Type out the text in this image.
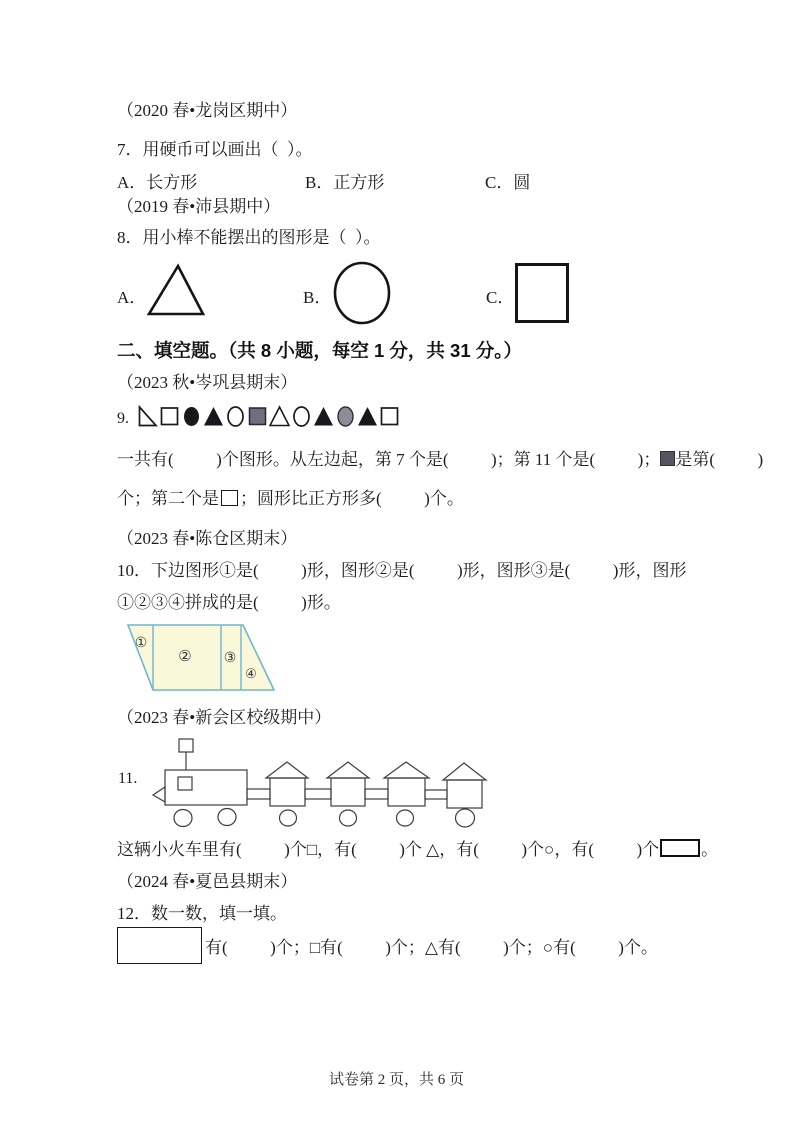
（2020 春•龙岗区期中）
7．用硬币可以画出（  ）。
A．长方形	B．正方形	C．圆
（2019 春•沛县期中）
8．用小棒不能摆出的图形是（  ）。
A．	B．	C．
二、填空题。（共 8 小题，每空 1 分，共 31 分。）
（2023 秋•岑巩县期末）
9.
一共有(          )个图形。从左边起，第 7 个是(          )；第 11 个是(          )； 是第(          )
个；第二个是 ；圆形比正方形多(          )个。
（2023 春•陈仓区期末）
10．下边图形①是(          )形，图形②是(          )形，图形③是(          )形，图形
①②③④拼成的是(          )形。
①
② ③
④
（2023 春•新会区校级期中）
11.
这辆小火车里有(          )个□，有(          )个 △，有(          )个○，有(          )个 。
（2024 春•夏邑县期末）
12．数一数，填一填。
有(          )个；□有(          )个；△有(          )个；○有(          )个。
试卷第 2 页，共 6 页
